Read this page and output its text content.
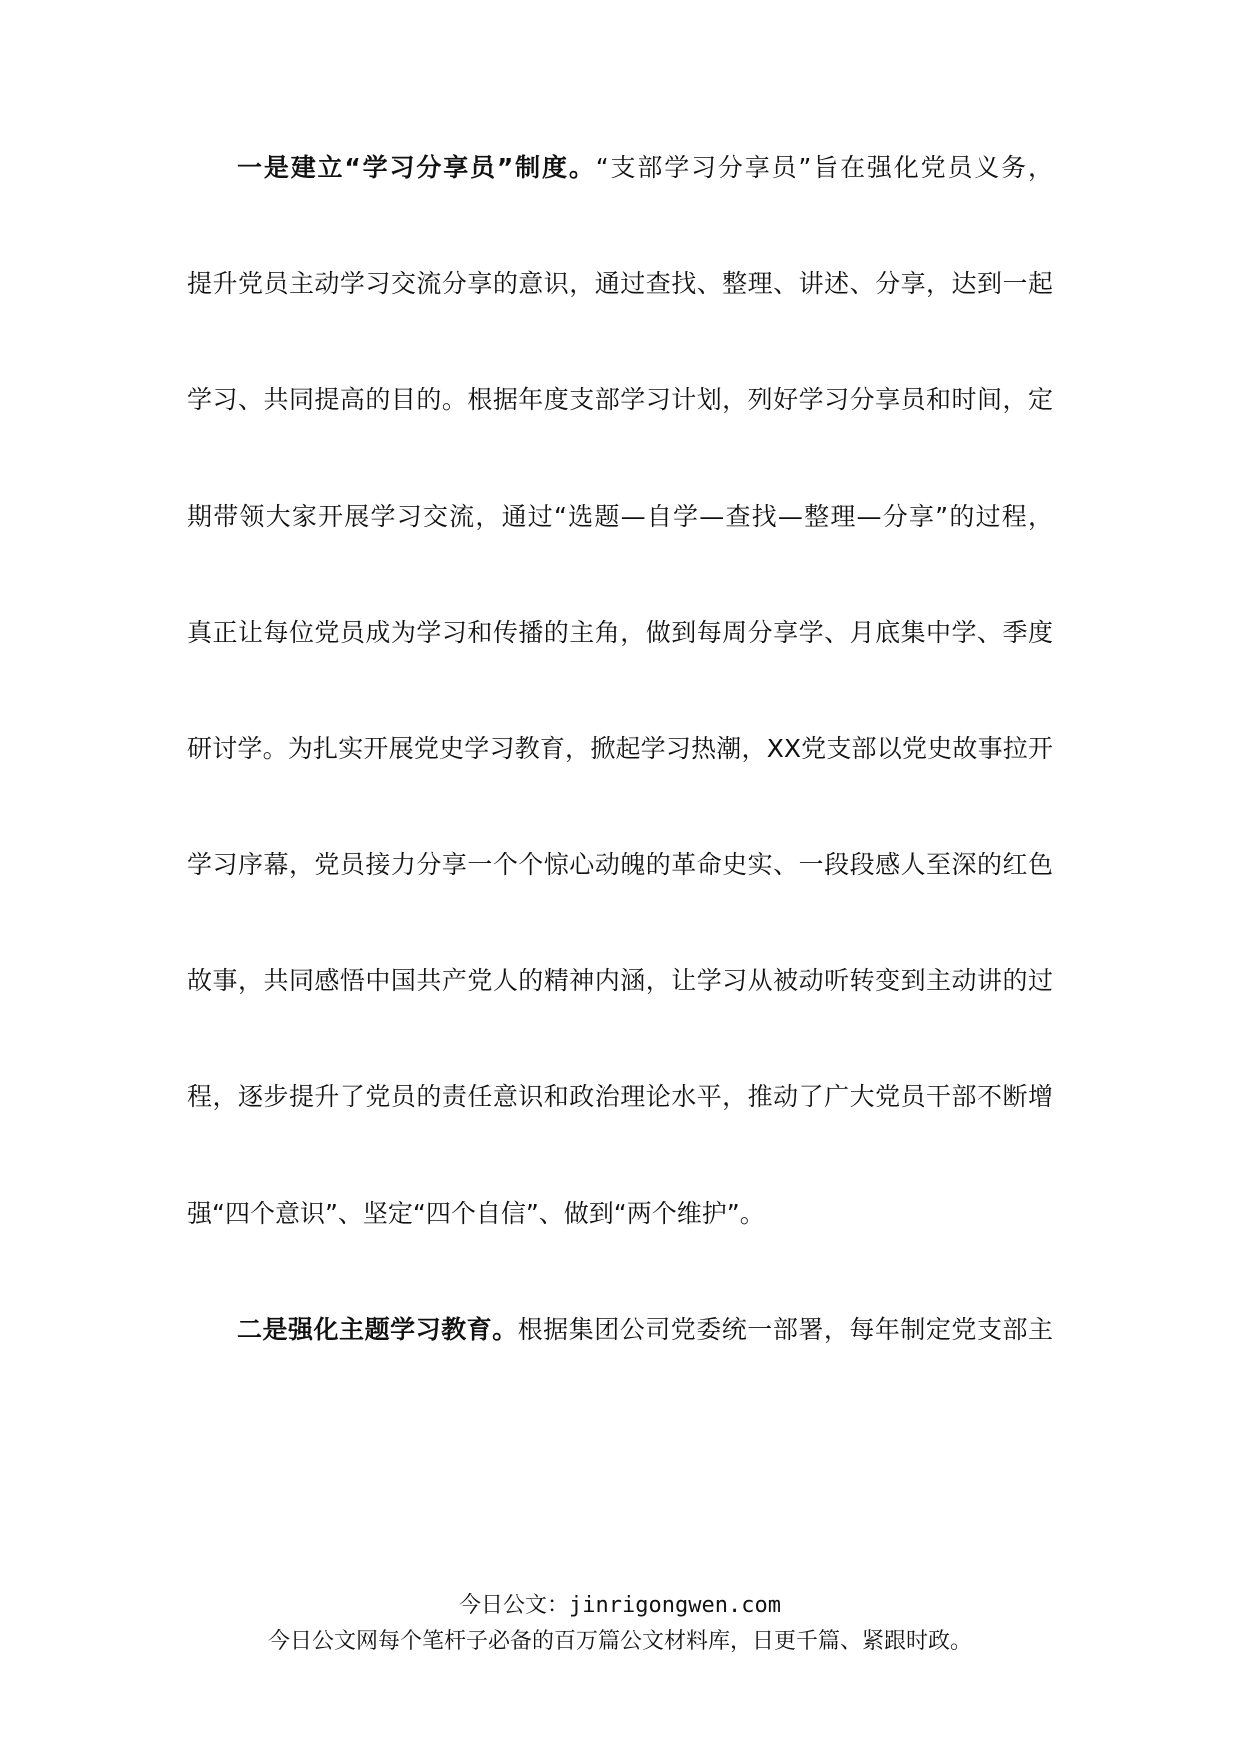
一是建立“学习分享员”制度。“支部学习分享员”旨在强化党员义务，
提升党员主动学习交流分享的意识，通过查找、整理、讲述、分享，达到一起
学习、共同提高的目的。根据年度支部学习计划，列好学习分享员和时间，定
期带领大家开展学习交流，通过“选题—自学—查找—整理—分享”的过程，
真正让每位党员成为学习和传播的主角，做到每周分享学、月底集中学、季度
研讨学。为扎实开展党史学习教育，掀起学习热潮，XX党支部以党史故事拉开
学习序幕，党员接力分享一个个惊心动魄的革命史实、一段段感人至深的红色
故事，共同感悟中国共产党人的精神内涵，让学习从被动听转变到主动讲的过
程，逐步提升了党员的责任意识和政治理论水平，推动了广大党员干部不断增
强“四个意识”、坚定“四个自信”、做到“两个维护”。
二是强化主题学习教育。根据集团公司党委统一部署，每年制定党支部主
今日公文：jinrigongwen.com
今日公文网每个笔杆子必备的百万篇公文材料库，日更千篇、紧跟时政。
